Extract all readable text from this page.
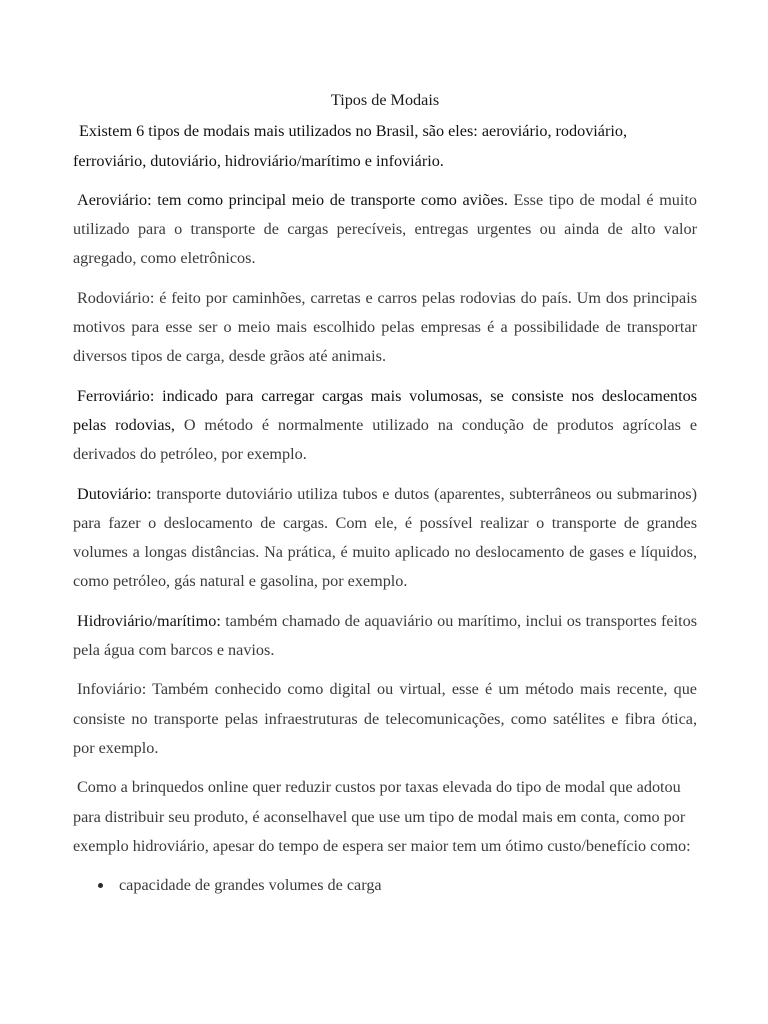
Tipos de Modais

Existem 6 tipos de modais mais utilizados no Brasil, são eles: aeroviário, rodoviário, ferroviário, dutoviário, hidroviário/marítimo e infoviário.

Aeroviário: tem como principal meio de transporte como aviões. Esse tipo de modal é muito utilizado para o transporte de cargas perecíveis, entregas urgentes ou ainda de alto valor agregado, como eletrônicos.

Rodoviário: é feito por caminhões, carretas e carros pelas rodovias do país. Um dos principais motivos para esse ser o meio mais escolhido pelas empresas é a possibilidade de transportar diversos tipos de carga, desde grãos até animais.

Ferroviário: indicado para carregar cargas mais volumosas, se consiste nos deslocamentos pelas rodovias, O método é normalmente utilizado na condução de produtos agrícolas e derivados do petróleo, por exemplo.

Dutoviário: transporte dutoviário utiliza tubos e dutos (aparentes, subterrâneos ou submarinos) para fazer o deslocamento de cargas. Com ele, é possível realizar o transporte de grandes volumes a longas distâncias. Na prática, é muito aplicado no deslocamento de gases e líquidos, como petróleo, gás natural e gasolina, por exemplo.

Hidroviário/marítimo: também chamado de aquaviário ou marítimo, inclui os transportes feitos pela água com barcos e navios.

Infoviário: Também conhecido como digital ou virtual, esse é um método mais recente, que consiste no transporte pelas infraestruturas de telecomunicações, como satélites e fibra ótica, por exemplo.

Como a brinquedos online quer reduzir custos por taxas elevada do tipo de modal que adotou para distribuir seu produto, é aconselhavel que use um tipo de modal mais em conta, como por exemplo hidroviário, apesar do tempo de espera ser maior tem um ótimo custo/benefício como:

capacidade de grandes volumes de carga
